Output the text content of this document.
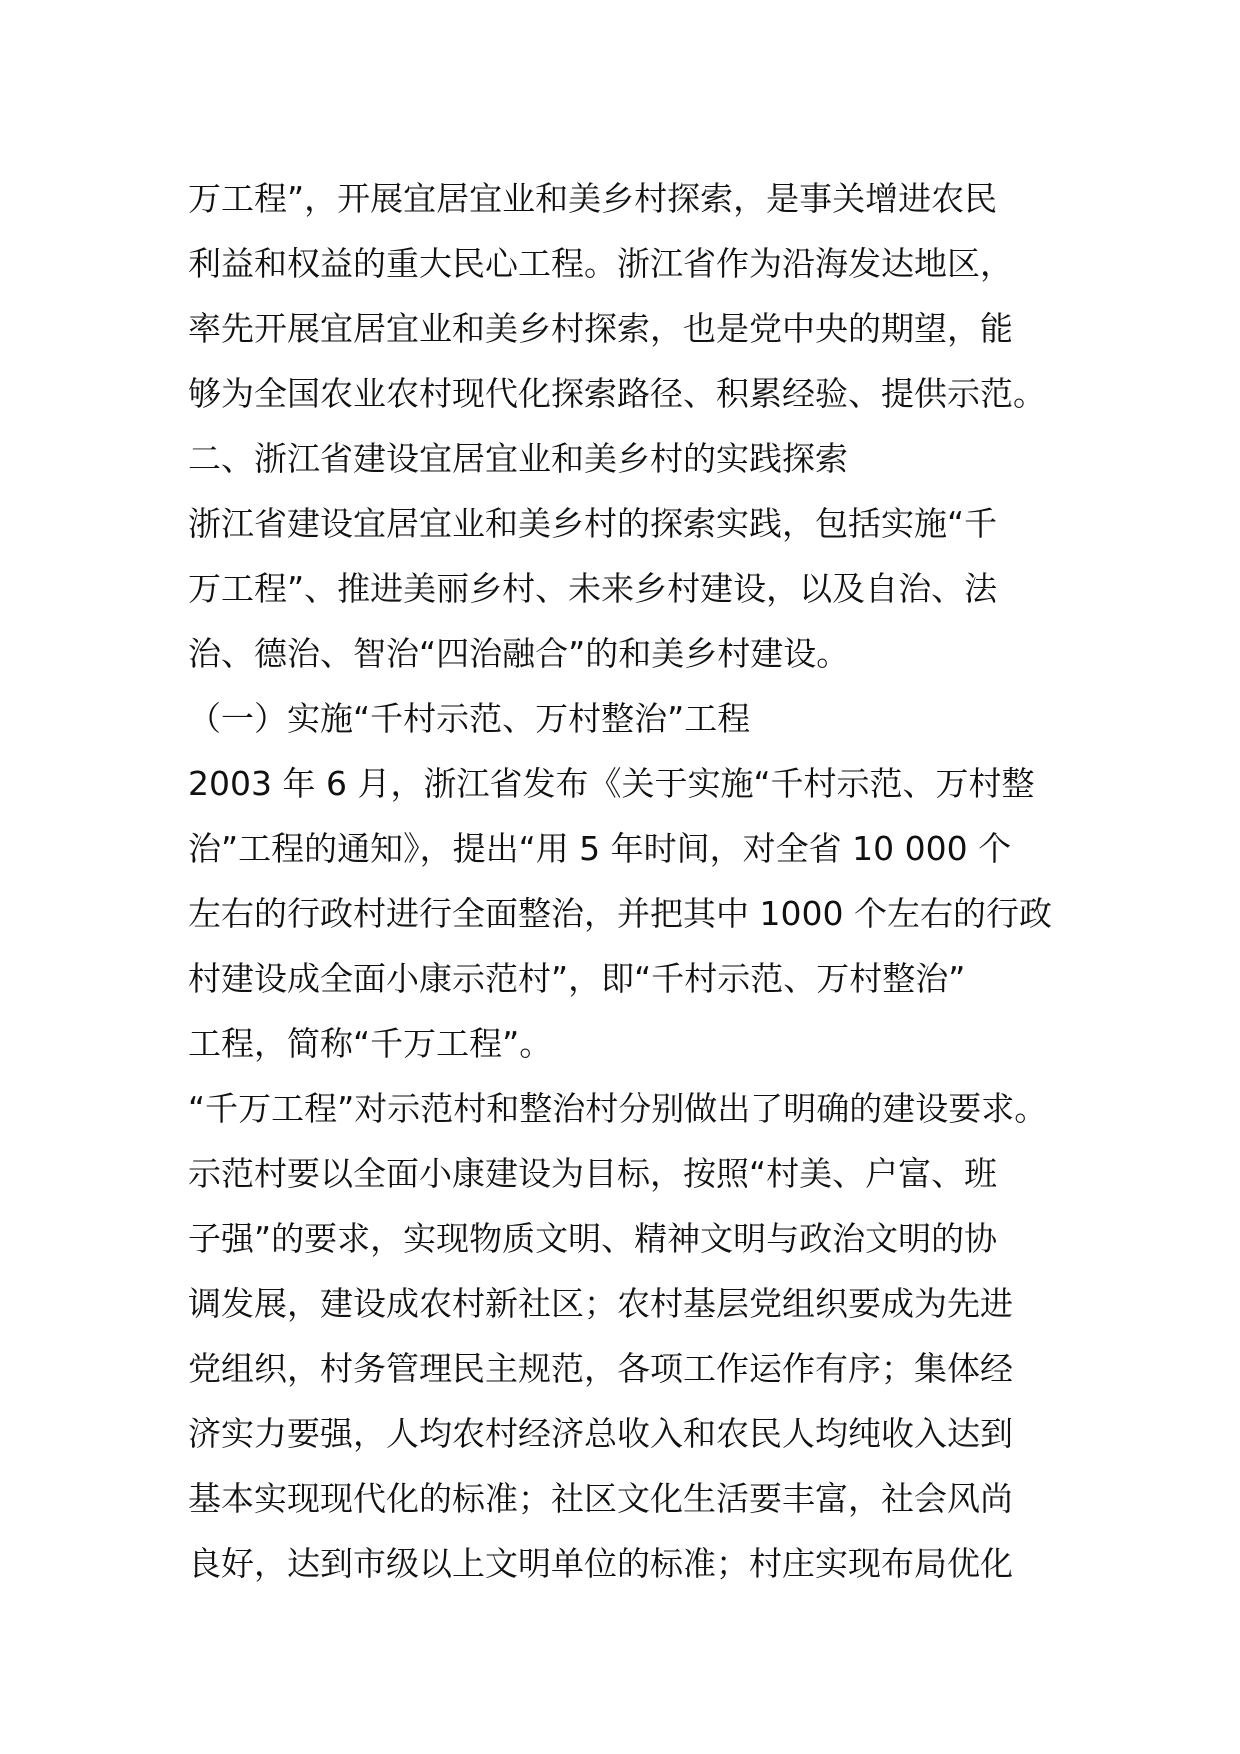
万工程”，开展宜居宜业和美乡村探索，是事关增进农民
利益和权益的重大民心工程。浙江省作为沿海发达地区，
率先开展宜居宜业和美乡村探索，也是党中央的期望，能
够为全国农业农村现代化探索路径、积累经验、提供示范。
二、浙江省建设宜居宜业和美乡村的实践探索
浙江省建设宜居宜业和美乡村的探索实践，包括实施“千
万工程”、推进美丽乡村、未来乡村建设，以及自治、法
治、德治、智治“四治融合”的和美乡村建设。
（一）实施“千村示范、万村整治”工程
2003 年 6 月，浙江省发布《关于实施“千村示范、万村整
治”工程的通知》，提出“用 5 年时间，对全省 10 000 个
左右的行政村进行全面整治，并把其中 1000 个左右的行政
村建设成全面小康示范村”，即“千村示范、万村整治”
工程，简称“千万工程”。
“千万工程”对示范村和整治村分别做出了明确的建设要求。
示范村要以全面小康建设为目标，按照“村美、户富、班
子强”的要求，实现物质文明、精神文明与政治文明的协
调发展，建设成农村新社区；农村基层党组织要成为先进
党组织，村务管理民主规范，各项工作运作有序；集体经
济实力要强，人均农村经济总收入和农民人均纯收入达到
基本实现现代化的标准；社区文化生活要丰富，社会风尚
良好，达到市级以上文明单位的标准；村庄实现布局优化
